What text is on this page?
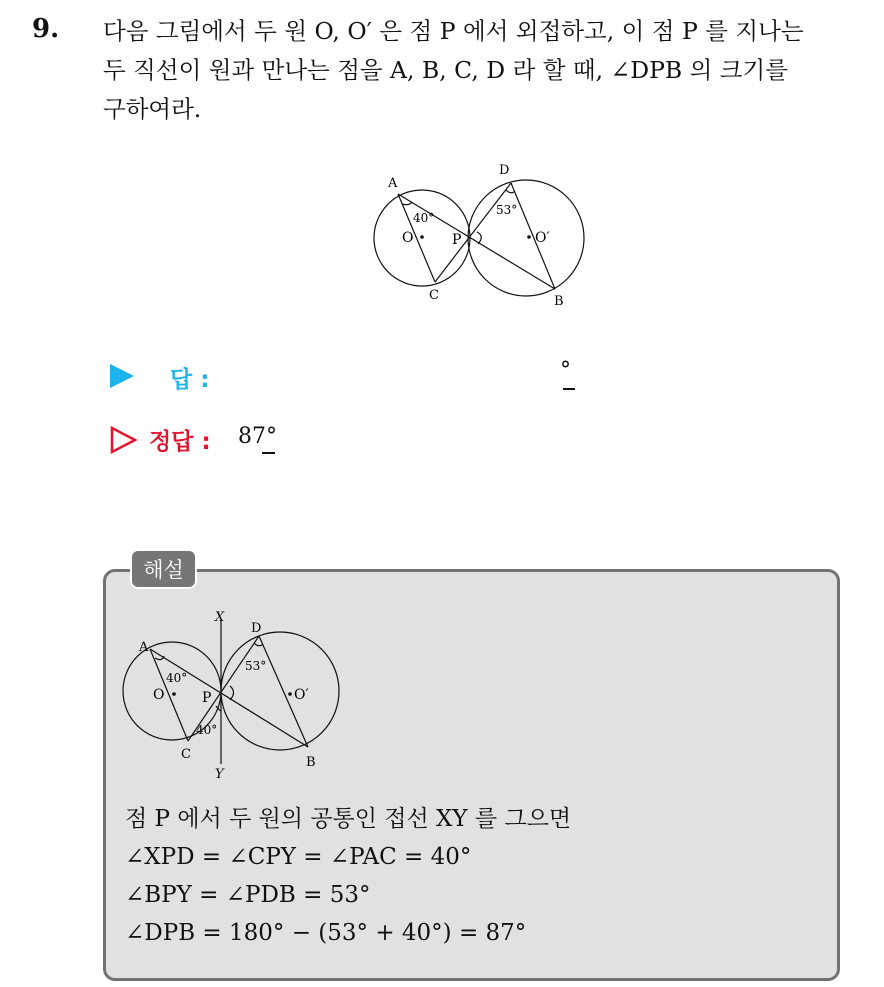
9. 다음 그림에서 두 원 O, O′ 은 점 P 에서 외접하고, 이 점 P 를 지나는
두 직선이 원과 만나는 점을 A, B, C, D 라 할 때, ∠DPB 의 크기를
구하여라.
A
B
C
D
O	O′
P
40°
53°
답 :	°
정답 : 87°
해설
X
Y
A
B
C
D
O	O′
P
40°
53°
40°
점 P 에서 두 원의 공통인 접선 XY 를 그으면
∠XPD = ∠CPY = ∠PAC = 40°
∠BPY = ∠PDB = 53°
∠DPB = 180° − (53° + 40°) = 87°
